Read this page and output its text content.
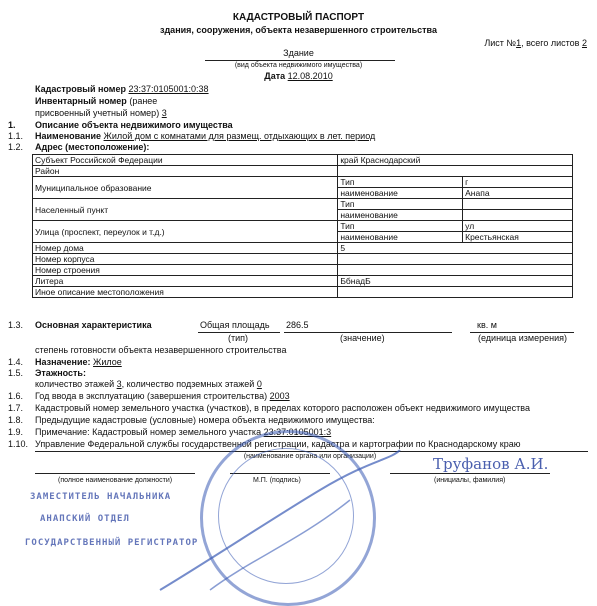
КАДАСТРОВЫЙ ПАСПОРТ
здания, сооружения, объекта незавершенного строительства
Лист №1, всего листов 2
Здание
(вид объекта недвижимого имущества)
Дата 12.08.2010
Кадастровый номер 23:37:0105001:0:38
Инвентарный номер (ранее
присвоенный учетный номер) 3
1. Описание объекта недвижимого имущества
1.1. Наименование Жилой дом с комнатами для размещ. отдыхающих в лет. период
1.2. Адрес (местоположение):
Субъект Российской Федерации	край Краснодарский	
Район		
Муниципальное образование	Тип	г
	наименование	Анапа
Населенный пункт	Тип	
	наименование	
Улица (проспект, переулок и т.д.)	Тип	ул
	наименование	Крестьянская
Номер дома	5	
Номер корпуса		
Номер строения		
Литера	БбнадБ	
Иное описание местоположения		
1.3. Основная характеристика	Общая площадь 286.5	кв. м
(тип)	(значение)	(единица измерения)
степень готовности объекта незавершенного строительства
1.4. Назначение: Жилое
1.5. Этажность:
количество этажей 3, количество подземных этажей 0
1.6. Год ввода в эксплуатацию (завершения строительства) 2003
1.7. Кадастровый номер земельного участка (участков), в пределах которого расположен объект недвижимого имущества
1.8. Предыдущие кадастровые (условные) номера объекта недвижимого имущества:
1.9. Примечание: Кадастровый номер земельного участка 23:37:0105001:3
1.10. Управление Федеральной службы государственной регистрации, кадастра и картографии по Краснодарскому краю
(наименование органа или организации)
(полное наименование должности)	М.П. (подпись)
Труфанов А.И.
(инициалы, фамилия)
ЗАМЕСТИТЕЛЬ НАЧАЛЬНИКА
АНАПСКИЙ ОТДЕЛ
ГОСУДАРСТВЕННЫЙ РЕГИСТРАТОР
